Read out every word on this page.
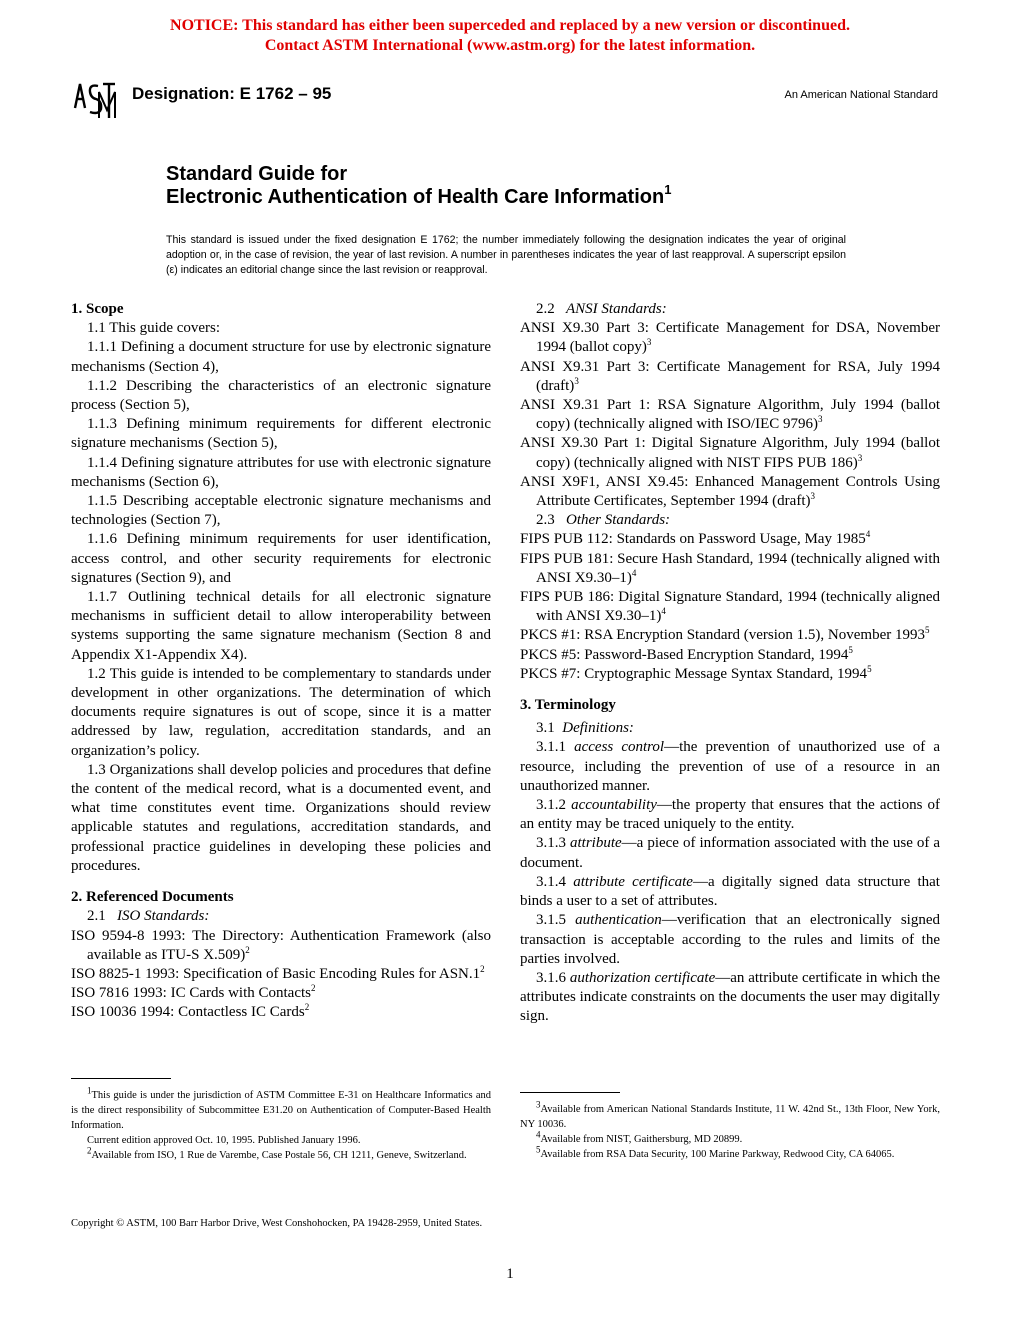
NOTICE: This standard has either been superceded and replaced by a new version or discontinued.
Contact ASTM International (www.astm.org) for the latest information.
Designation: E 1762 – 95	An American National Standard
Standard Guide for
Electronic Authentication of Health Care Information$^1$
This standard is issued under the fixed designation E 1762; the number immediately following the designation indicates the year of original adoption or, in the case of revision, the year of last revision. A number in parentheses indicates the year of last reapproval. A superscript epsilon (ε) indicates an editorial change since the last revision or reapproval.

1. Scope

1.1 This guide covers:

1.1.1 Defining a document structure for use by electronic signature mechanisms (Section 4),

1.1.2 Describing the characteristics of an electronic signature process (Section 5),

1.1.3 Defining minimum requirements for different electronic signature mechanisms (Section 5),

1.1.4 Defining signature attributes for use with electronic signature mechanisms (Section 6),

1.1.5 Describing acceptable electronic signature mechanisms and technologies (Section 7),

1.1.6 Defining minimum requirements for user identification, access control, and other security requirements for electronic signatures (Section 9), and

1.1.7 Outlining technical details for all electronic signature mechanisms in sufficient detail to allow interoperability between systems supporting the same signature mechanism (Section 8 and Appendix X1-Appendix X4).

1.2 This guide is intended to be complementary to standards under development in other organizations. The determination of which documents require signatures is out of scope, since it is a matter addressed by law, regulation, accreditation standards, and an organization’s policy.

1.3 Organizations shall develop policies and procedures that define the content of the medical record, what is a documented event, and what time constitutes event time. Organizations should review applicable statutes and regulations, accreditation standards, and professional practice guidelines in developing these policies and procedures.

2. Referenced Documents

2.1 ISO Standards:

ISO 9594-8 1993: The Directory: Authentication Framework (also available as ITU-S X.509)$^2$

ISO 8825-1 1993: Specification of Basic Encoding Rules for $ASN.1^2$

ISO 7816 1993: IC Cards with Contacts$^2$

ISO 10036 1994: Contactless IC Cards$^2$

2.2 ANSI Standards:

ANSI X9.30 Part 3: Certificate Management for DSA, November 1994 (ballot copy)$^3$

ANSI X9.31 Part 3: Certificate Management for RSA, July 1994 (draft)$^3$

ANSI X9.31 Part 1: RSA Signature Algorithm, July 1994 (ballot copy) (technically aligned with ISO/IEC 9796)$^3$

ANSI X9.30 Part 1: Digital Signature Algorithm, July 1994 (ballot copy) (technically aligned with NIST FIPS PUB 186)$^3$

ANSI X9F1, ANSI X9.45: Enhanced Management Controls Using Attribute Certificates, September 1994 (draft)$^3$

2.3 Other Standards:

FIPS PUB 112: Standards on Password Usage, May 1985$^4$

FIPS PUB 181: Secure Hash Standard, 1994 (technically aligned with ANSI X9.30–1)$^4$

FIPS PUB 186: Digital Signature Standard, 1994 (technically aligned with ANSI X9.30–1)$^4$

PKCS #1: RSA Encryption Standard (version 1.5), November 1993$^5$

PKCS #5: Password-Based Encryption Standard, 1994$^5$

PKCS #7: Cryptographic Message Syntax Standard, 1994$^5$

3. Terminology

3.1 Definitions:

3.1.1 access control—the prevention of unauthorized use of a resource, including the prevention of use of a resource in an unauthorized manner.

3.1.2 accountability—the property that ensures that the actions of an entity may be traced uniquely to the entity.

3.1.3 attribute—a piece of information associated with the use of a document.

3.1.4 attribute certificate—a digitally signed data structure that binds a user to a set of attributes.

3.1.5 authentication—verification that an electronically signed transaction is acceptable according to the rules and limits of the parties involved.

3.1.6 authorization certificate—an attribute certificate in which the attributes indicate constraints on the documents the user may digitally sign.

$^1$This guide is under the jurisdiction of ASTM Committee E-31 on Healthcare Informatics and is the direct responsibility of Subcommittee E31.20 on Authentication of Computer-Based Health Information.

Current edition approved Oct. 10, 1995. Published January 1996.

$^2$Available from ISO, 1 Rue de Varembe, Case Postale 56, CH 1211, Geneve, Switzerland.

$^3$Available from American National Standards Institute, 11 W. 42nd St., 13th Floor, New York, NY 10036.

$^4$Available from NIST, Gaithersburg, MD 20899.

$^5$Available from RSA Data Security, 100 Marine Parkway, Redwood City, CA 64065.

Copyright © ASTM, 100 Barr Harbor Drive, West Conshohocken, PA 19428-2959, United States.
1
